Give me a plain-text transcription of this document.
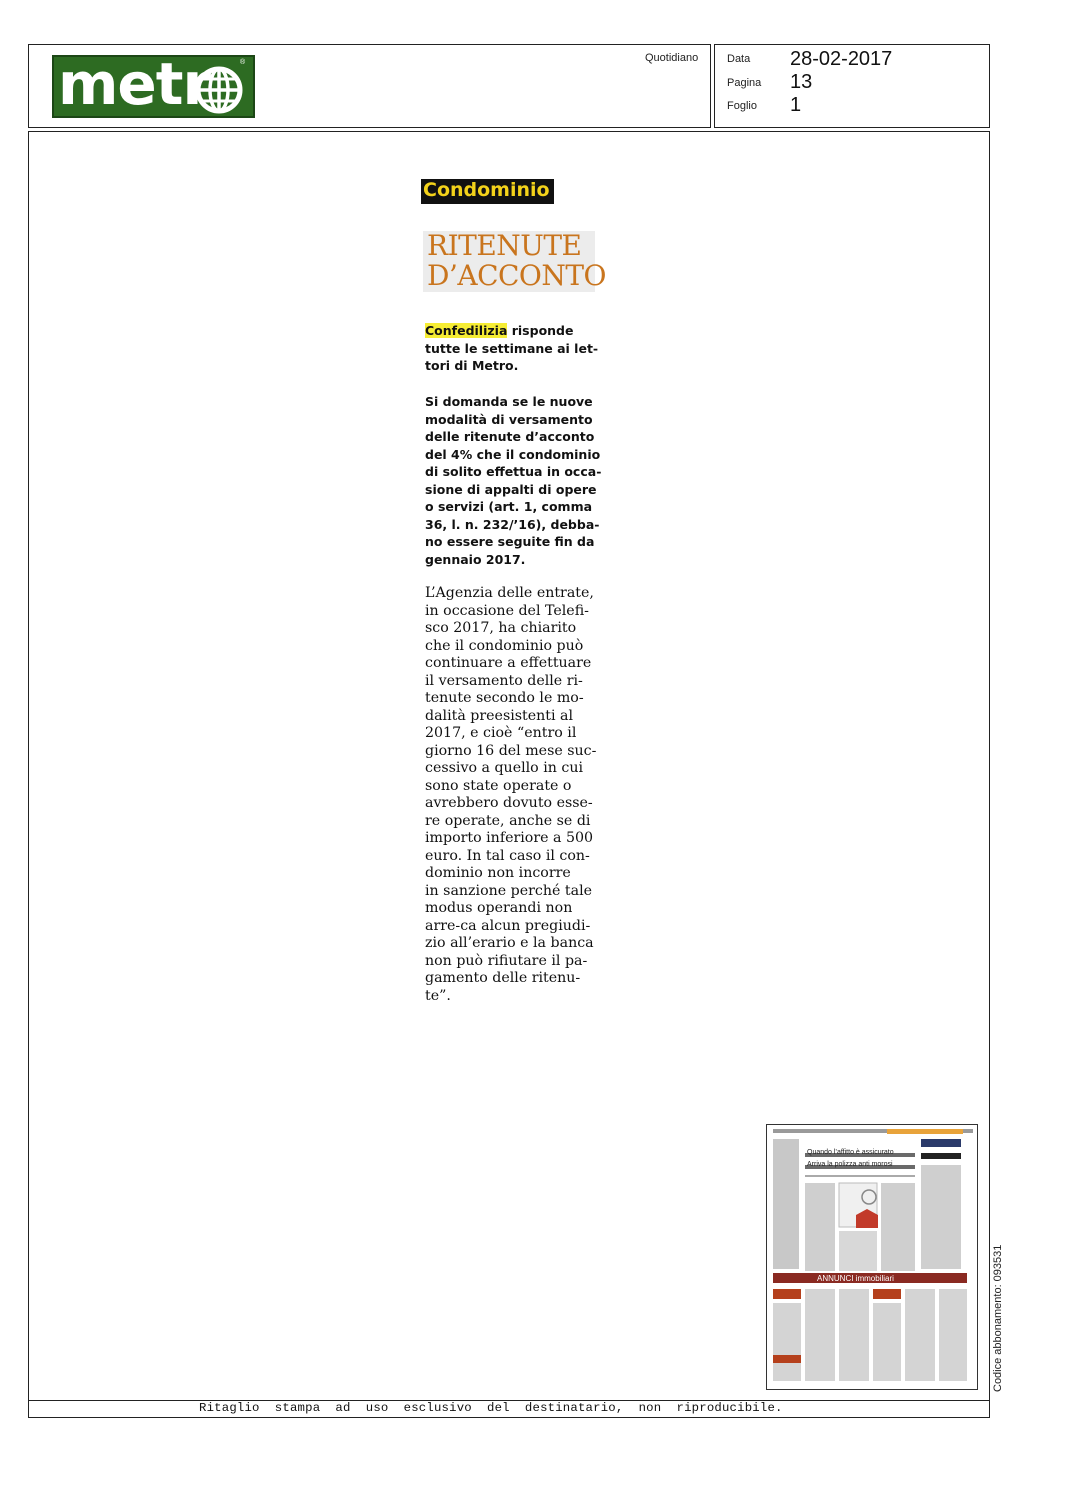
metr	®	Quotidiano	Data 28-02-2017
Pagina 13
Foglio 1
Condominio
RITENUTE
D’ACCONTO
Confedilizia risponde
tutte le settimane ai let-
tori di Metro.
Si domanda se le nuove
modalità di versamento
delle ritenute d’acconto
del 4% che il condominio
di solito effettua in occa-
sione di appalti di opere
o servizi (art. 1, comma
36, l. n. 232/’16), debba-
no essere seguite fin da
gennaio 2017.
L’Agenzia delle entrate,
in occasione del Telefi-
sco 2017, ha chiarito
che il condominio può
continuare a effettuare
il versamento delle ri-
tenute secondo le mo-
dalità preesistenti al
2017, e cioè “entro il
giorno 16 del mese suc-
cessivo a quello in cui
sono state operate o
avrebbero dovuto esse-
re operate, anche se di
importo inferiore a 500
euro. In tal caso il con-
dominio non incorre
in sanzione perché tale
modus operandi non
arre-ca alcun pregiudi-
zio all’erario e la banca
non può rifiutare il pa-
gamento delle ritenu-
te”.
Quando l’affitto è assicurato
Arriva la polizza anti morosi
ANNUNCI immobiliari	Codice abbonamento: 093531
Ritaglio  stampa  ad  uso  esclusivo  del  destinatario,  non  riproducibile.
